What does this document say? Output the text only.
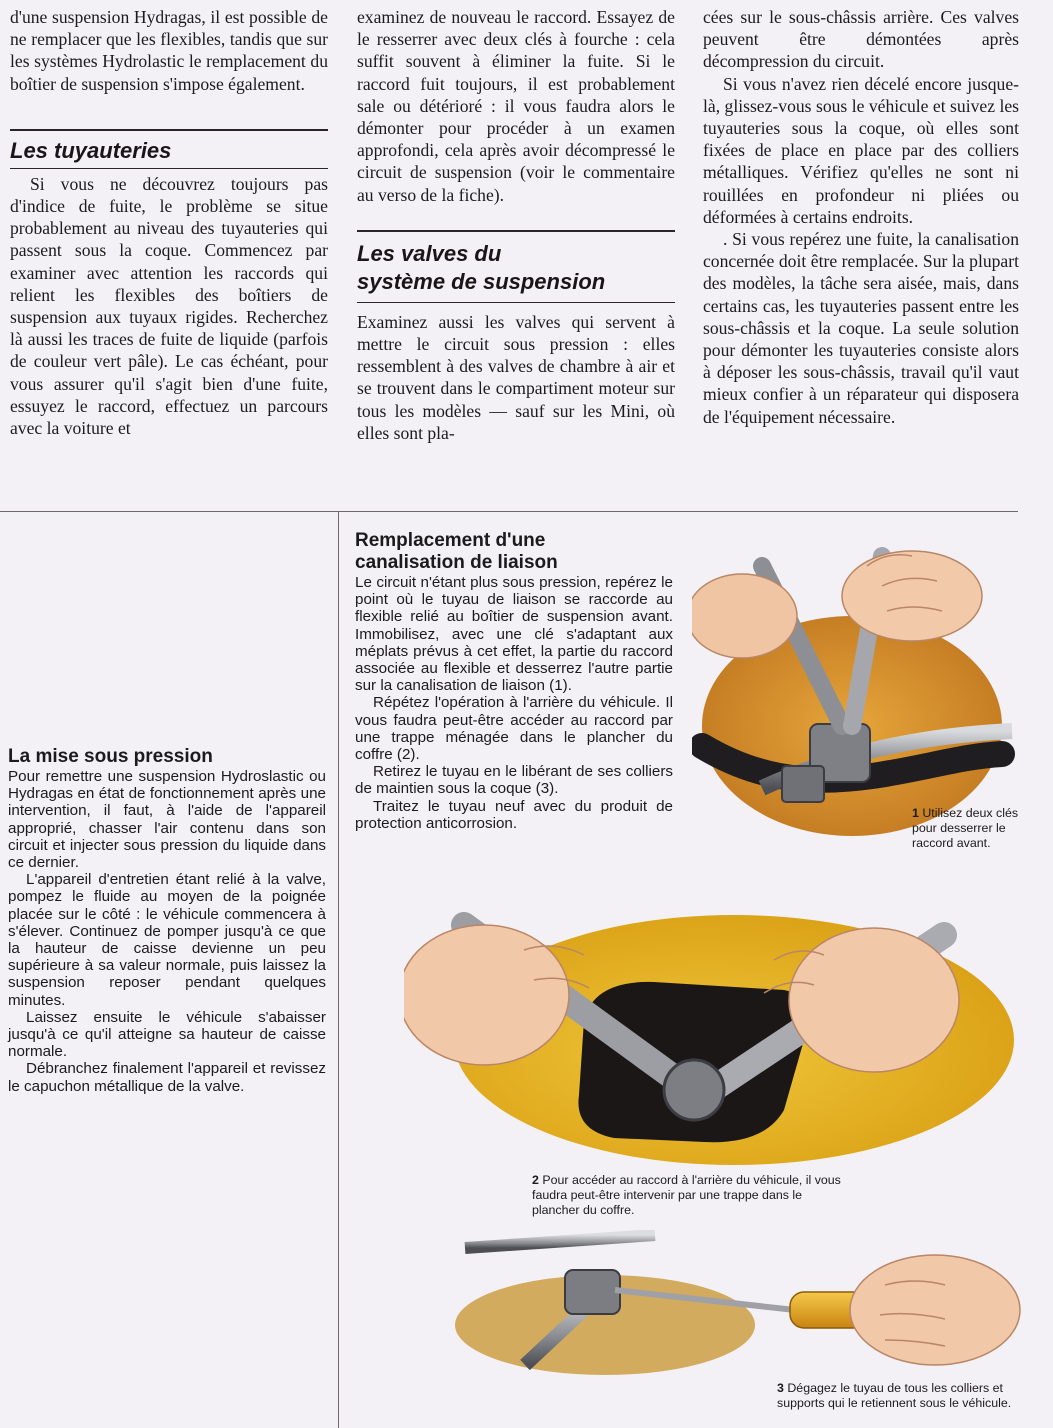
d'une suspension Hydragas, il est possible de ne remplacer que les flexibles, tandis que sur les systèmes Hydrolastic le remplacement du boîtier de suspension s'impose également.

Les tuyauteries

Si vous ne découvrez toujours pas d'indice de fuite, le problème se situe probablement au niveau des tuyauteries qui passent sous la coque. Commencez par examiner avec attention les raccords qui relient les flexibles des boîtiers de suspension aux tuyaux rigides. Recherchez là aussi les traces de fuite de liquide (parfois de couleur vert pâle). Le cas échéant, pour vous assurer qu'il s'agit bien d'une fuite, essuyez le raccord, effectuez un parcours avec la voiture et

examinez de nouveau le raccord. Essayez de le resserrer avec deux clés à fourche : cela suffit souvent à éliminer la fuite. Si le raccord fuit toujours, il est probablement sale ou détérioré : il vous faudra alors le démonter pour procéder à un examen approfondi, cela après avoir décompressé le circuit de suspension (voir le commentaire au verso de la fiche).

Les valves du
système de suspension

Examinez aussi les valves qui servent à mettre le circuit sous pression : elles ressemblent à des valves de chambre à air et se trouvent dans le compartiment moteur sur tous les modèles — sauf sur les Mini, où elles sont pla-

cées sur le sous-châssis arrière. Ces valves peuvent être démontées après décompression du circuit.

Si vous n'avez rien décelé encore jusque-là, glissez-vous sous le véhicule et suivez les tuyauteries sous la coque, où elles sont fixées de place en place par des colliers métalliques. Vérifiez qu'elles ne sont ni rouillées en profondeur ni pliées ou déformées à certains endroits.

. Si vous repérez une fuite, la canalisation concernée doit être remplacée. Sur la plupart des modèles, la tâche sera aisée, mais, dans certains cas, les tuyauteries passent entre les sous-châssis et la coque. La seule solution pour démonter les tuyauteries consiste alors à déposer les sous-châssis, travail qu'il vaut mieux confier à un réparateur qui disposera de l'équipement nécessaire.

La mise sous pression

Pour remettre une suspension Hydroslastic ou Hydragas en état de fonctionnement après une intervention, il faut, à l'aide de l'appareil approprié, chasser l'air contenu dans son circuit et injecter sous pression du liquide dans ce dernier.

L'appareil d'entretien étant relié à la valve, pompez le fluide au moyen de la poignée placée sur le côté : le véhicule commencera à s'élever. Continuez de pomper jusqu'à ce que la hauteur de caisse devienne un peu supérieure à sa valeur normale, puis laissez la suspension reposer pendant quelques minutes.

Laissez ensuite le véhicule s'abaisser jusqu'à ce qu'il atteigne sa hauteur de caisse normale.

Débranchez finalement l'appareil et revissez le capuchon métallique de la valve.

Remplacement d'une
canalisation de liaison

Le circuit n'étant plus sous pression, repérez le point où le tuyau de liaison se raccorde au flexible relié au boîtier de suspension avant. Immobilisez, avec une clé s'adaptant aux méplats prévus à cet effet, la partie du raccord associée au flexible et desserrez l'autre partie sur la canalisation de liaison (1).

Répétez l'opération à l'arrière du véhicule. Il vous faudra peut-être accéder au raccord par une trappe ménagée dans le plancher du coffre (2).

Retirez le tuyau en le libérant de ses colliers de maintien sous la coque (3).

Traitez le tuyau neuf avec du produit de protection anticorrosion.

1 Utilisez deux clés pour desserrer le raccord avant.
2 Pour accéder au raccord à l'arrière du véhicule, il vous faudra peut-être intervenir par une trappe dans le plancher du coffre.
3 Dégagez le tuyau de tous les colliers et supports qui le retiennent sous le véhicule.
